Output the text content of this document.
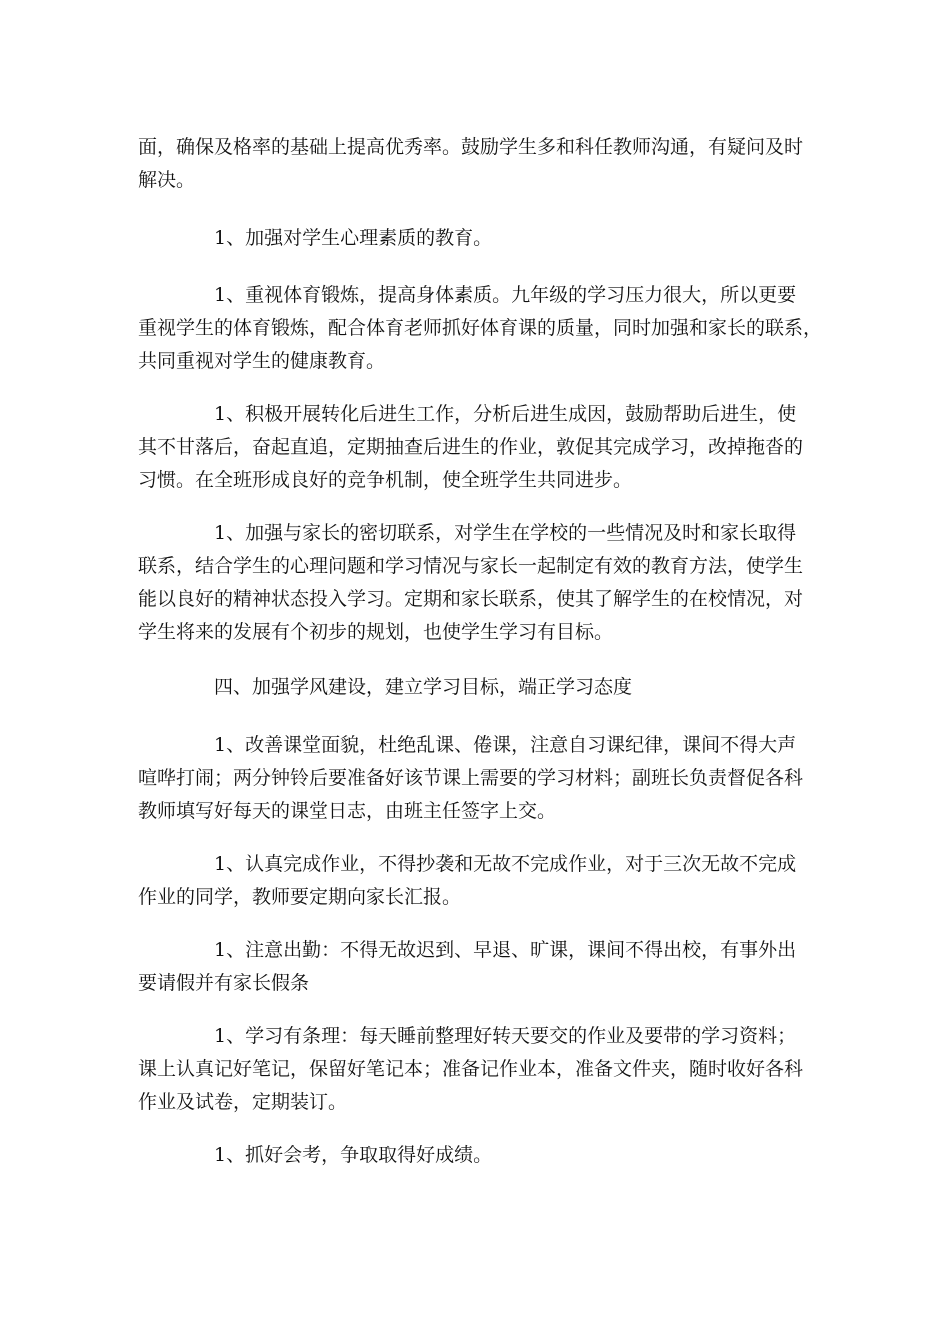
面，确保及格率的基础上提高优秀率。鼓励学生多和科任教师沟通，有疑问及时
解决。
1、加强对学生心理素质的教育。
1、重视体育锻炼，提高身体素质。九年级的学习压力很大，所以更要
重视学生的体育锻炼，配合体育老师抓好体育课的质量，同时加强和家长的联系，
共同重视对学生的健康教育。
1、积极开展转化后进生工作，分析后进生成因，鼓励帮助后进生，使
其不甘落后，奋起直追，定期抽查后进生的作业，敦促其完成学习，改掉拖沓的
习惯。在全班形成良好的竞争机制，使全班学生共同进步。
1、加强与家长的密切联系，对学生在学校的一些情况及时和家长取得
联系，结合学生的心理问题和学习情况与家长一起制定有效的教育方法，使学生
能以良好的精神状态投入学习。定期和家长联系，使其了解学生的在校情况，对
学生将来的发展有个初步的规划，也使学生学习有目标。
四、加强学风建设，建立学习目标，端正学习态度
1、改善课堂面貌，杜绝乱课、倦课，注意自习课纪律，课间不得大声
喧哗打闹；两分钟铃后要准备好该节课上需要的学习材料；副班长负责督促各科
教师填写好每天的课堂日志，由班主任签字上交。
1、认真完成作业，不得抄袭和无故不完成作业，对于三次无故不完成
作业的同学，教师要定期向家长汇报。
1、注意出勤：不得无故迟到、早退、旷课，课间不得出校，有事外出
要请假并有家长假条
1、学习有条理：每天睡前整理好转天要交的作业及要带的学习资料；
课上认真记好笔记，保留好笔记本；准备记作业本，准备文件夹，随时收好各科
作业及试卷，定期装订。
1、抓好会考，争取取得好成绩。
